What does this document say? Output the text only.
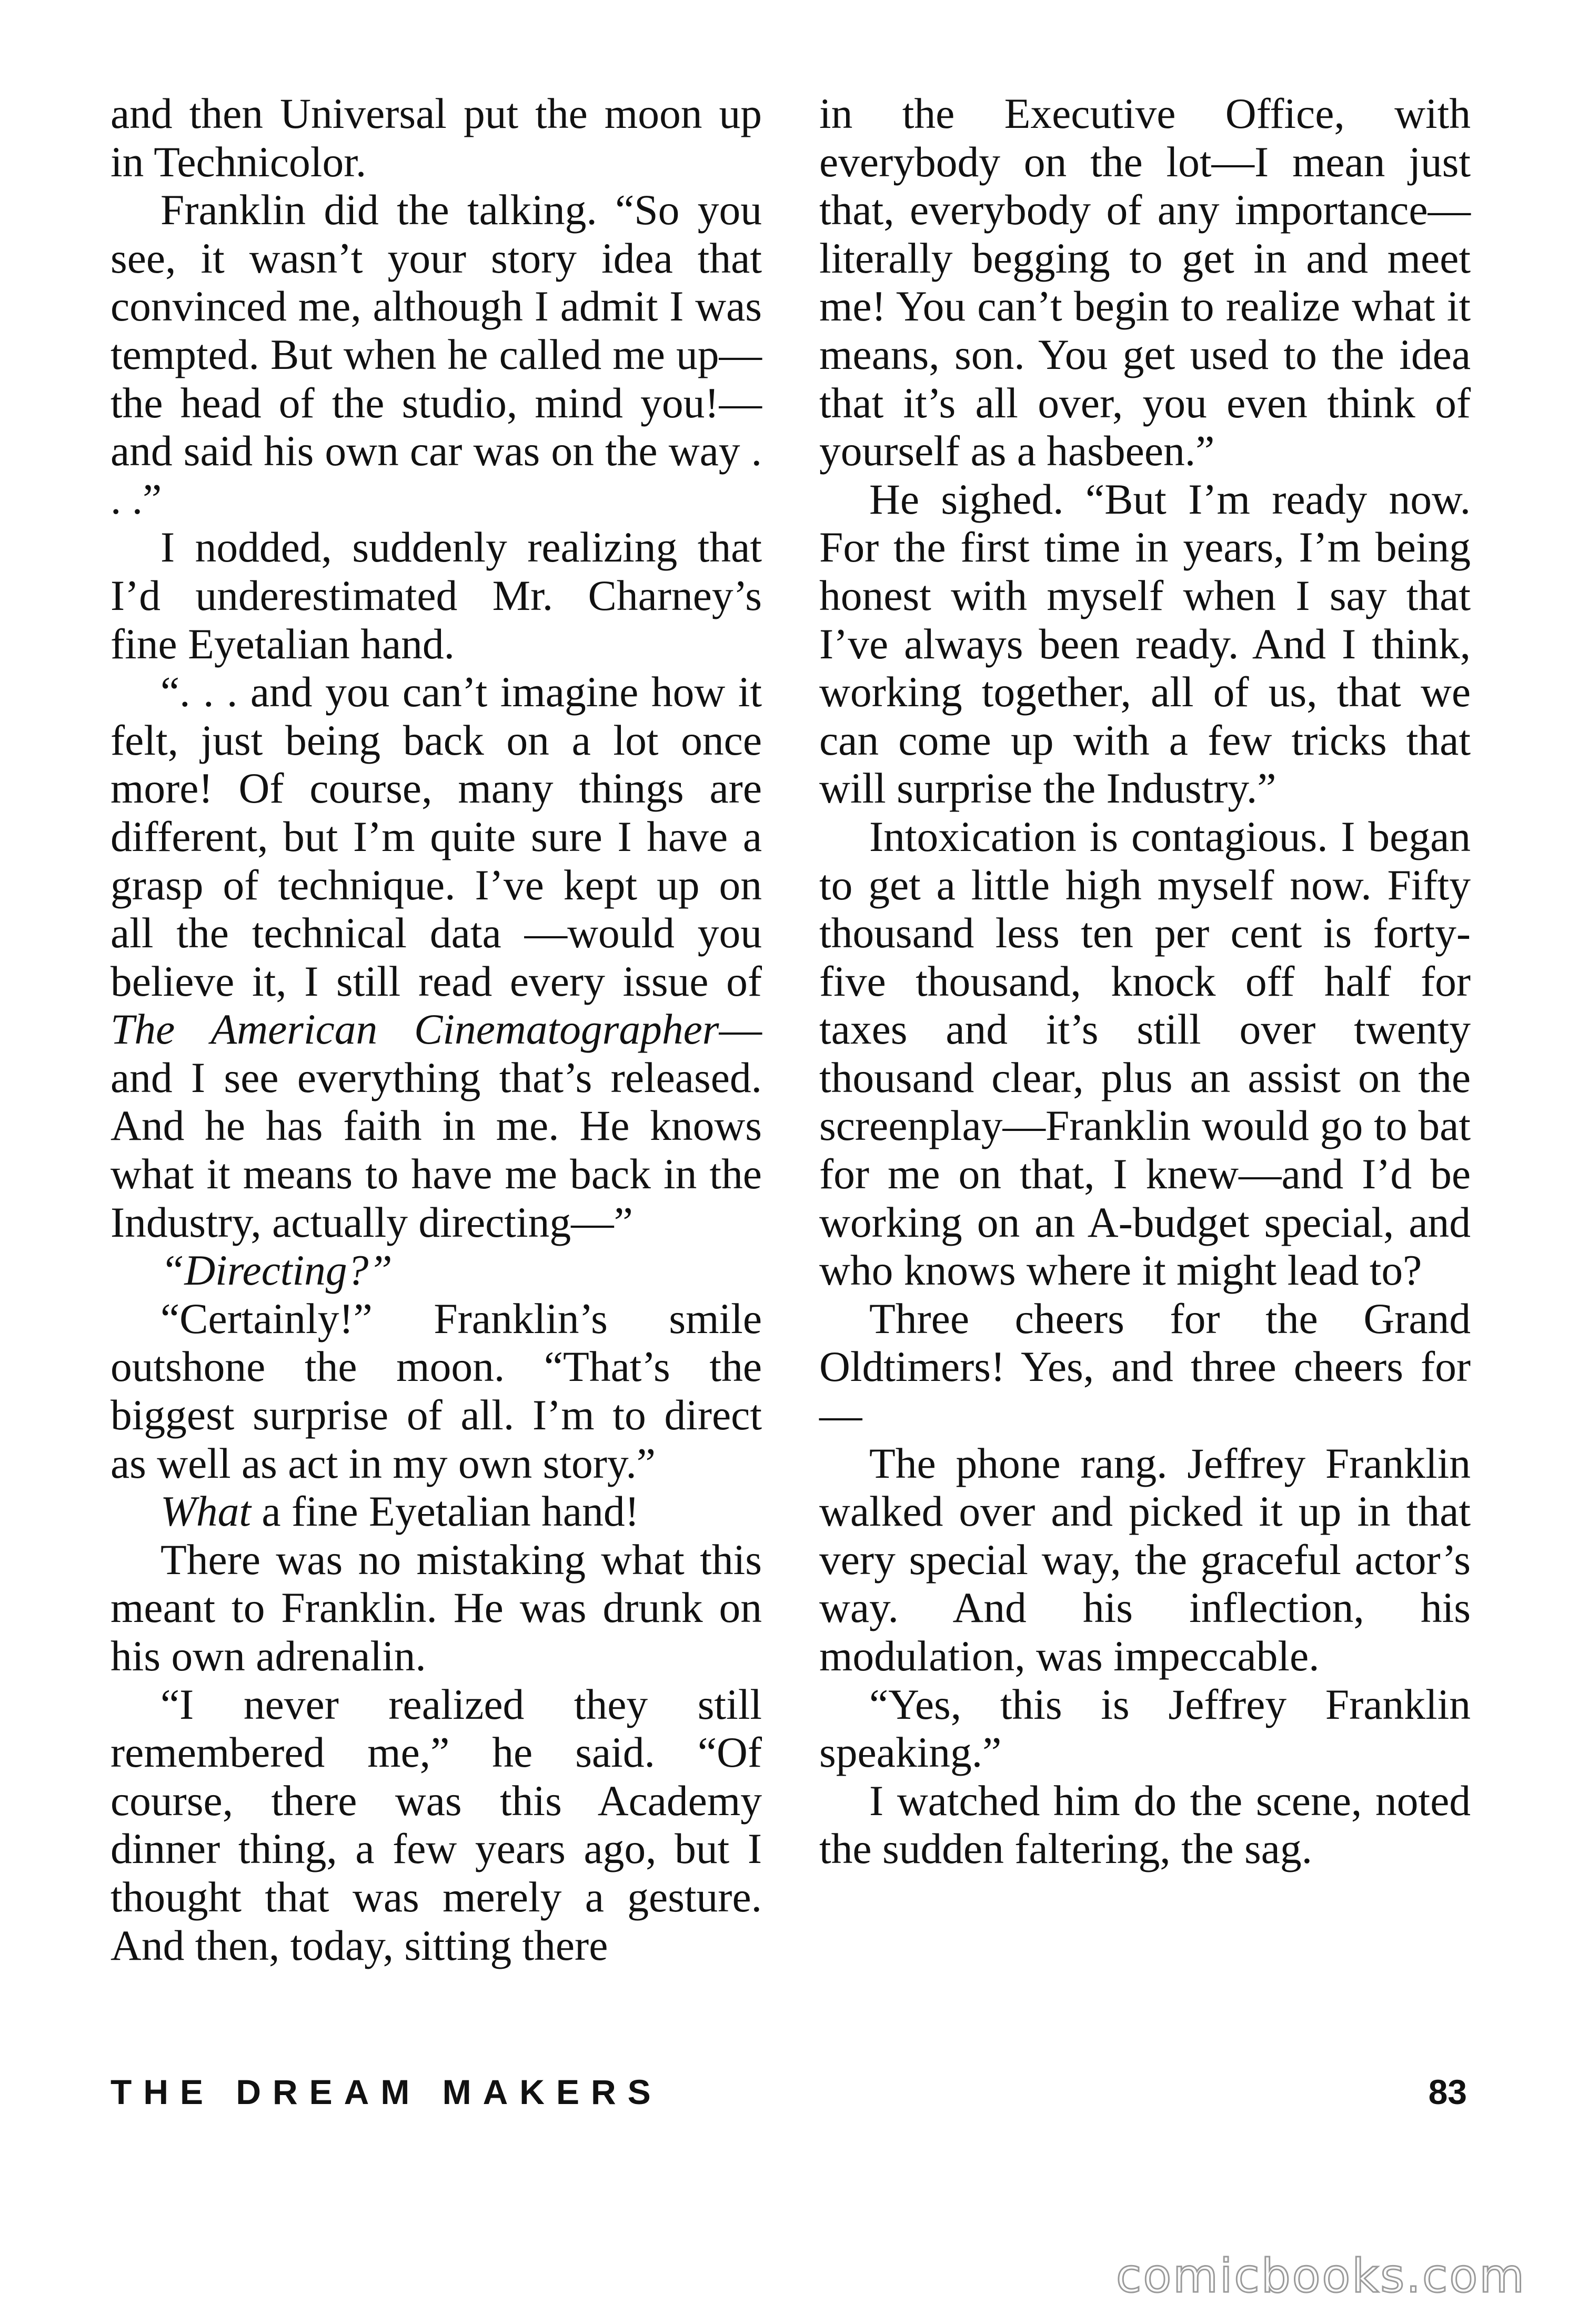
and then Universal put the moon up in Technicolor.

Franklin did the talking. “So you see, it wasn’t your story idea that convinced me, although I admit I was tempted. But when he called me up—the head of the studio, mind you!—and said his own car was on the way . . .”

I nodded, suddenly realizing that I’d underestimated Mr. Charney’s fine Eyetalian hand.

“. . . and you can’t imagine how it felt, just being back on a lot once more! Of course, many things are different, but I’m quite sure I have a grasp of technique. I’ve kept up on all the technical data —would you believe it, I still read every issue of The American Cinematographer—and I see everything that’s released. And he has faith in me. He knows what it means to have me back in the Industry, actually directing—”

“Directing?”

“Certainly!” Franklin’s smile outshone the moon. “That’s the biggest surprise of all. I’m to direct as well as act in my own story.”

What a fine Eyetalian hand!

There was no mistaking what this meant to Franklin. He was drunk on his own adrenalin.

“I never realized they still remembered me,” he said. “Of course, there was this Academy dinner thing, a few years ago, but I thought that was merely a gesture. And then, today, sitting there

in the Executive Office, with everybody on the lot—I mean just that, everybody of any importance—literally begging to get in and meet me! You can’t begin to realize what it means, son. You get used to the idea that it’s all over, you even think of yourself as a hasbeen.”

He sighed. “But I’m ready now. For the first time in years, I’m being honest with myself when I say that I’ve always been ready. And I think, working together, all of us, that we can come up with a few tricks that will surprise the Industry.”

Intoxication is contagious. I began to get a little high myself now. Fifty thousand less ten per cent is forty-five thousand, knock off half for taxes and it’s still over twenty thousand clear, plus an assist on the screenplay—Franklin would go to bat for me on that, I knew—and I’d be working on an A-budget special, and who knows where it might lead to?

Three cheers for the Grand Oldtimers! Yes, and three cheers for—

The phone rang. Jeffrey Franklin walked over and picked it up in that very special way, the graceful actor’s way. And his inflection, his modulation, was impeccable.

“Yes, this is Jeffrey Franklin speaking.”

I watched him do the scene, noted the sudden faltering, the sag.

THE DREAM MAKERS	83
comicbooks.com
